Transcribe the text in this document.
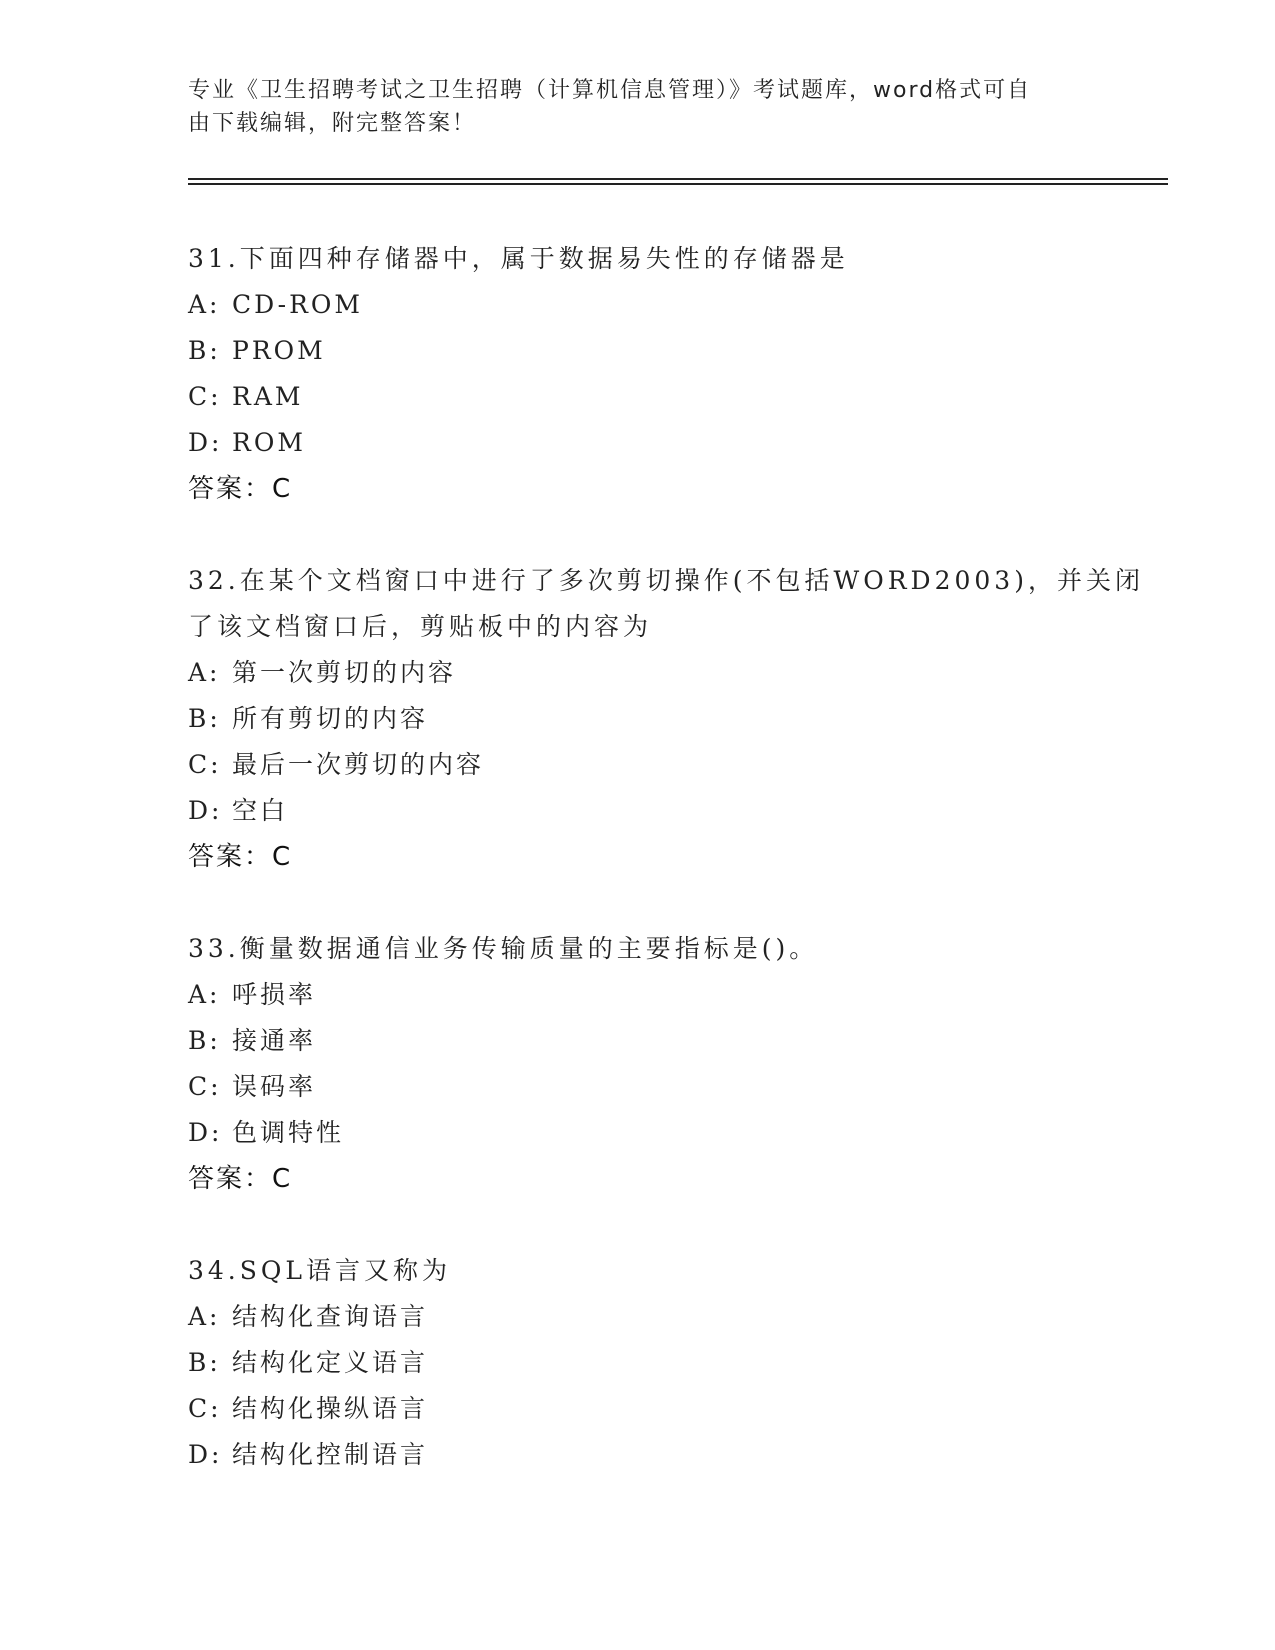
专业《卫生招聘考试之卫生招聘（计算机信息管理）》考试题库，word格式可自
由下载编辑，附完整答案！
31.下面四种存储器中，属于数据易失性的存储器是
A: CD-ROM
B: PROM
C: RAM
D: ROM
答案：C
32.在某个文档窗口中进行了多次剪切操作(不包括WORD2003)，并关闭了该文档窗口后，剪贴板中的内容为
A: 第一次剪切的内容
B: 所有剪切的内容
C: 最后一次剪切的内容
D: 空白
答案：C
33.衡量数据通信业务传输质量的主要指标是()。
A: 呼损率
B: 接通率
C: 误码率
D: 色调特性
答案：C
34.SQL语言又称为
A: 结构化查询语言
B: 结构化定义语言
C: 结构化操纵语言
D: 结构化控制语言
